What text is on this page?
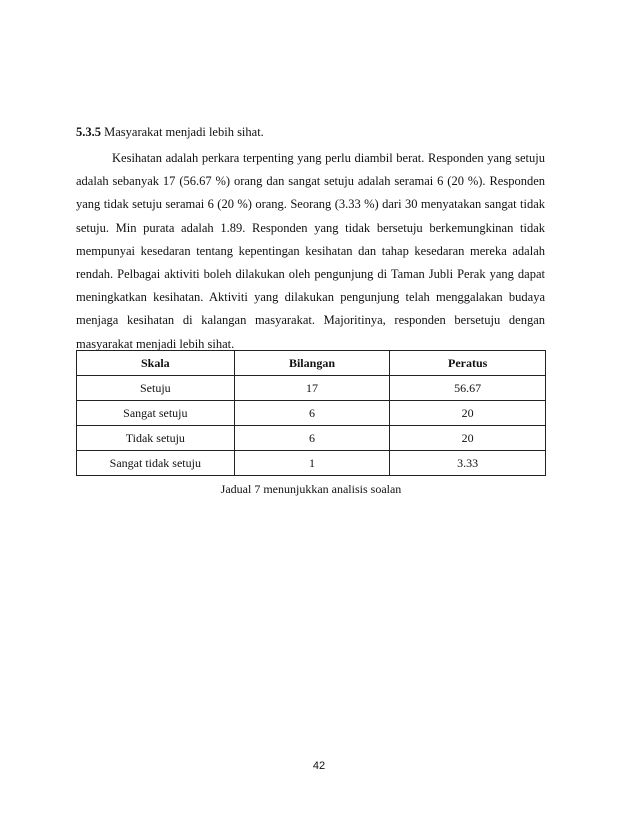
5.3.5 Masyarakat menjadi lebih sihat.
Kesihatan adalah perkara terpenting yang perlu diambil berat. Responden yang setuju adalah sebanyak 17 (56.67 %) orang dan sangat setuju adalah seramai 6 (20 %). Responden yang tidak setuju seramai 6 (20 %) orang. Seorang (3.33 %) dari 30 menyatakan sangat tidak setuju. Min purata adalah 1.89. Responden yang tidak bersetuju berkemungkinan tidak mempunyai kesedaran tentang kepentingan kesihatan dan tahap kesedaran mereka adalah rendah. Pelbagai aktiviti boleh dilakukan oleh pengunjung di Taman Jubli Perak yang dapat meningkatkan kesihatan. Aktiviti yang dilakukan pengunjung telah menggalakan budaya menjaga kesihatan di kalangan masyarakat. Majoritinya, responden bersetuju dengan masyarakat menjadi lebih sihat.
Skala	Bilangan	Peratus
Setuju	17	56.67
Sangat setuju	6	20
Tidak setuju	6	20
Sangat tidak setuju	1	3.33
Jadual 7 menunjukkan analisis soalan
42
